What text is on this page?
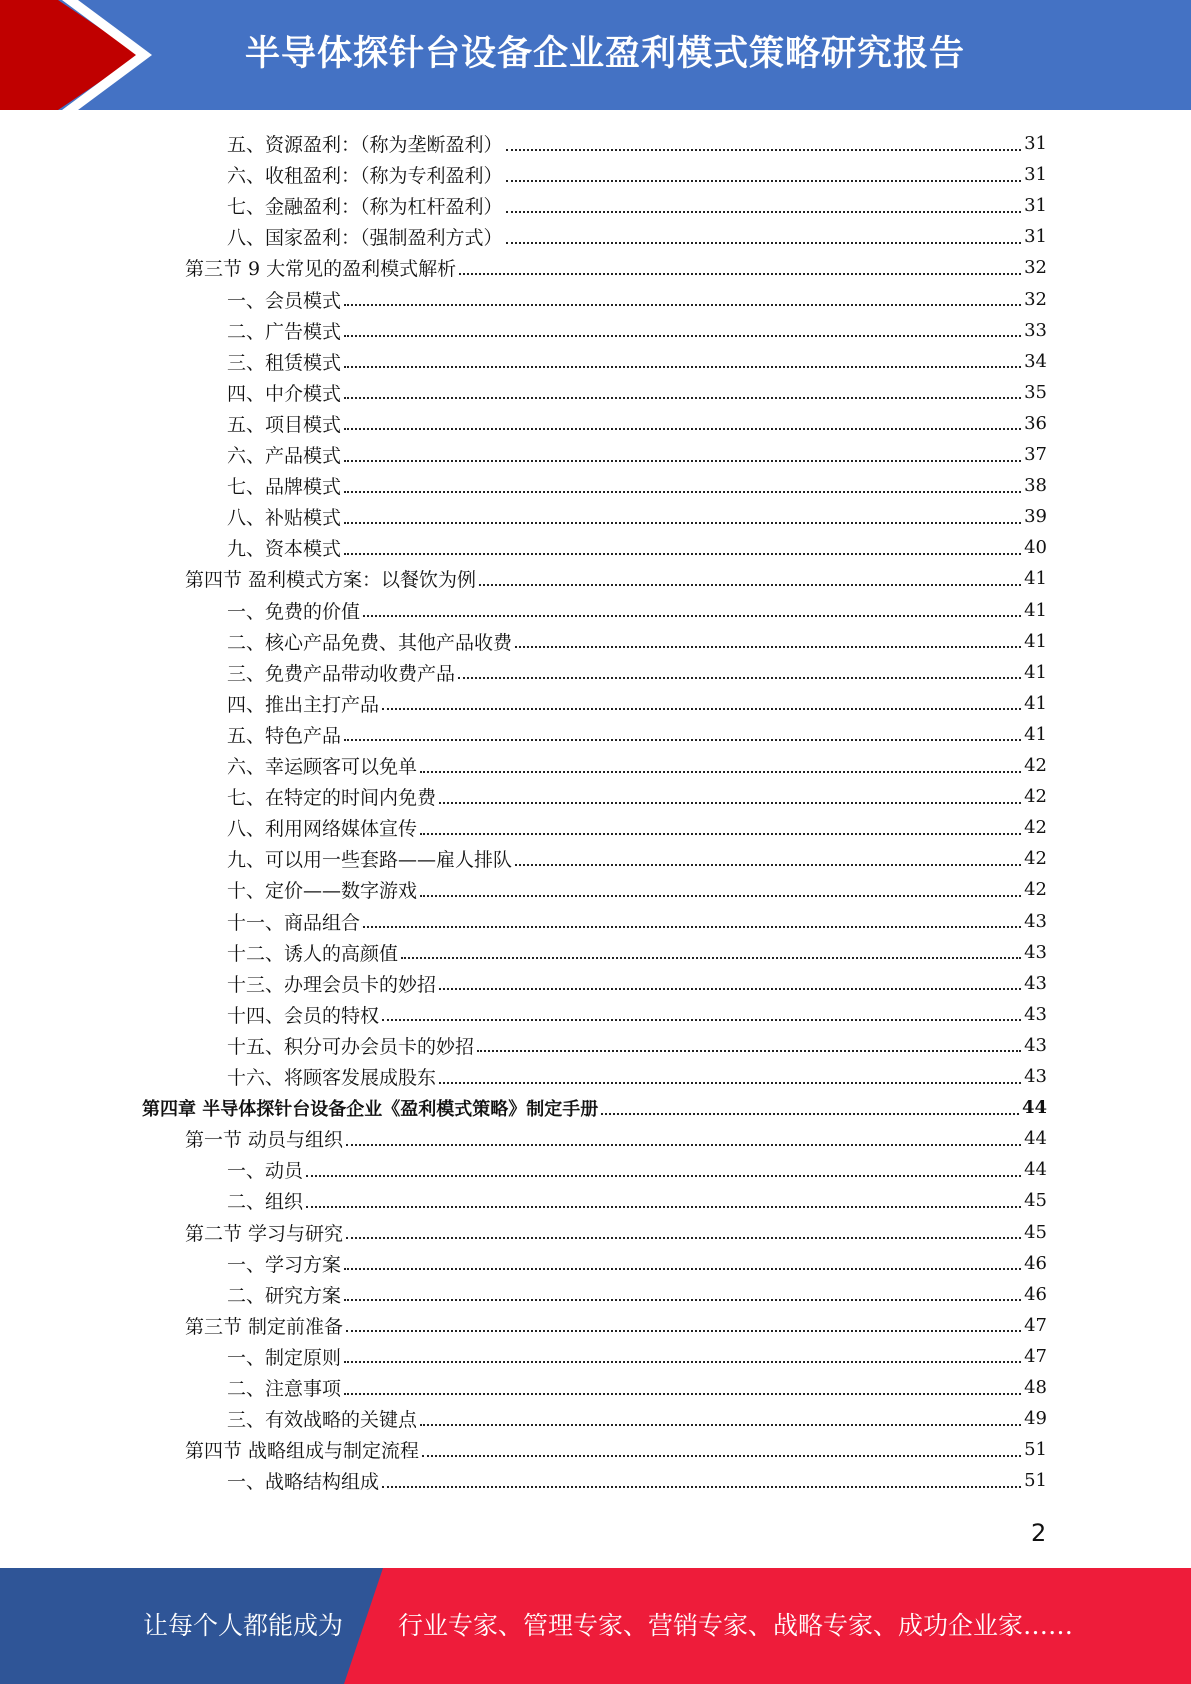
半导体探针台设备企业盈利模式策略研究报告
五、资源盈利：（称为垄断盈利）	31
六、收租盈利：（称为专利盈利）	31
七、金融盈利：（称为杠杆盈利）	31
八、国家盈利：（强制盈利方式）	31
第三节 9 大常见的盈利模式解析	32
一、会员模式	32
二、广告模式	33
三、租赁模式	34
四、中介模式	35
五、项目模式	36
六、产品模式	37
七、品牌模式	38
八、补贴模式	39
九、资本模式	40
第四节 盈利模式方案：以餐饮为例	41
一、免费的价值	41
二、核心产品免费、其他产品收费	41
三、免费产品带动收费产品	41
四、推出主打产品	41
五、特色产品	41
六、幸运顾客可以免单	42
七、在特定的时间内免费	42
八、利用网络媒体宣传	42
九、可以用一些套路——雇人排队	42
十、定价——数字游戏	42
十一、商品组合	43
十二、诱人的高颜值	43
十三、办理会员卡的妙招	43
十四、会员的特权	43
十五、积分可办会员卡的妙招	43
十六、将顾客发展成股东	43
第四章 半导体探针台设备企业《盈利模式策略》制定手册	44
第一节 动员与组织	44
一、动员	44
二、组织	45
第二节 学习与研究	45
一、学习方案	46
二、研究方案	46
第三节 制定前准备	47
一、制定原则	47
二、注意事项	48
三、有效战略的关键点	49
第四节 战略组成与制定流程	51
一、战略结构组成	51
2
让每个人都能成为 行业专家、管理专家、营销专家、战略专家、成功企业家……
